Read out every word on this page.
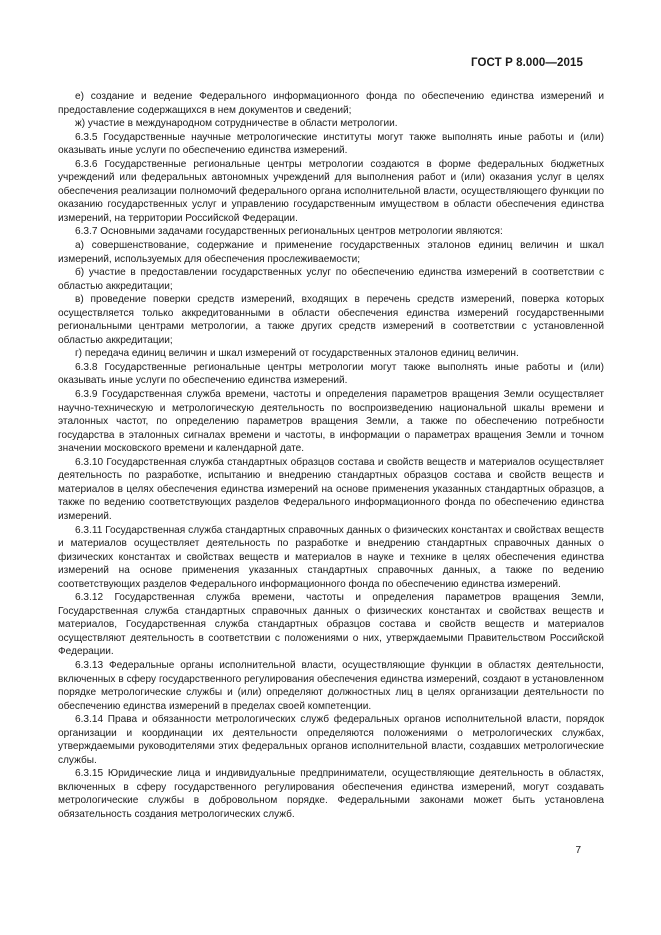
ГОСТ Р 8.000—2015

е) создание и ведение Федерального информационного фонда по обеспечению единства измерений и предоставление содержащихся в нем документов и сведений;

ж) участие в международном сотрудничестве в области метрологии.

6.3.5 Государственные научные метрологические институты могут также выполнять иные работы и (или) оказывать иные услуги по обеспечению единства измерений.

6.3.6 Государственные региональные центры метрологии создаются в форме федеральных бюджетных учреждений или федеральных автономных учреждений для выполнения работ и (или) оказания услуг в целях обеспечения реализации полномочий федерального органа исполнительной власти, осуществляющего функции по оказанию государственных услуг и управлению государственным имуществом в области обеспечения единства измерений, на территории Российской Федерации.

6.3.7 Основными задачами государственных региональных центров метрологии являются:

а) совершенствование, содержание и применение государственных эталонов единиц величин и шкал измерений, используемых для обеспечения прослеживаемости;

б) участие в предоставлении государственных услуг по обеспечению единства измерений в соответствии с областью аккредитации;

в) проведение поверки средств измерений, входящих в перечень средств измерений, поверка которых осуществляется только аккредитованными в области обеспечения единства измерений государственными региональными центрами метрологии, а также других средств измерений в соответствии с установленной областью аккредитации;

г) передача единиц величин и шкал измерений от государственных эталонов единиц величин.

6.3.8 Государственные региональные центры метрологии могут также выполнять иные работы и (или) оказывать иные услуги по обеспечению единства измерений.

6.3.9 Государственная служба времени, частоты и определения параметров вращения Земли осуществляет научно-техническую и метрологическую деятельность по воспроизведению национальной шкалы времени и эталонных частот, по определению параметров вращения Земли, а также по обеспечению потребности государства в эталонных сигналах времени и частоты, в информации о параметрах вращения Земли и точном значении московского времени и календарной дате.

6.3.10 Государственная служба стандартных образцов состава и свойств веществ и материалов осуществляет деятельность по разработке, испытанию и внедрению стандартных образцов состава и свойств веществ и материалов в целях обеспечения единства измерений на основе применения указанных стандартных образцов, а также по ведению соответствующих разделов Федерального информационного фонда по обеспечению единства измерений.

6.3.11 Государственная служба стандартных справочных данных о физических константах и свойствах веществ и материалов осуществляет деятельность по разработке и внедрению стандартных справочных данных о физических константах и свойствах веществ и материалов в науке и технике в целях обеспечения единства измерений на основе применения указанных стандартных справочных данных, а также по ведению соответствующих разделов Федерального информационного фонда по обеспечению единства измерений.

6.3.12 Государственная служба времени, частоты и определения параметров вращения Земли, Государственная служба стандартных справочных данных о физических константах и свойствах веществ и материалов, Государственная служба стандартных образцов состава и свойств веществ и материалов осуществляют деятельность в соответствии с положениями о них, утверждаемыми Правительством Российской Федерации.

6.3.13 Федеральные органы исполнительной власти, осуществляющие функции в областях деятельности, включенных в сферу государственного регулирования обеспечения единства измерений, создают в установленном порядке метрологические службы и (или) определяют должностных лиц в целях организации деятельности по обеспечению единства измерений в пределах своей компетенции.

6.3.14 Права и обязанности метрологических служб федеральных органов исполнительной власти, порядок организации и координации их деятельности определяются положениями о метрологических службах, утверждаемыми руководителями этих федеральных органов исполнительной власти, создавших метрологические службы.

6.3.15 Юридические лица и индивидуальные предприниматели, осуществляющие деятельность в областях, включенных в сферу государственного регулирования обеспечения единства измерений, могут создавать метрологические службы в добровольном порядке. Федеральными законами может быть установлена обязательность создания метрологических служб.

7
